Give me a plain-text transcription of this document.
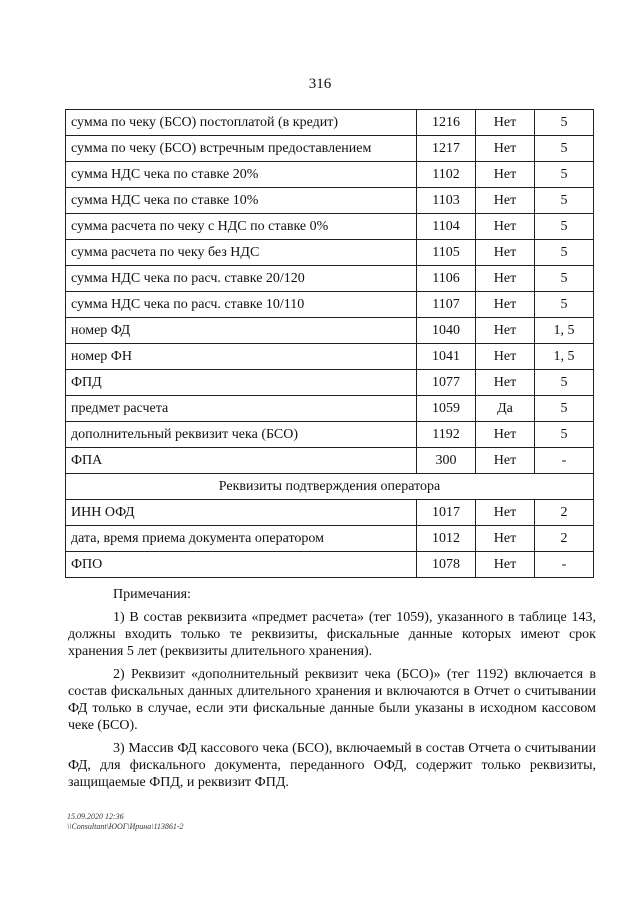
316
сумма по чеку (БСО) постоплатой (в кредит)	1216	Нет	5
сумма по чеку (БСО) встречным предоставлением	1217	Нет	5
сумма НДС чека по ставке 20%	1102	Нет	5
сумма НДС чека по ставке 10%	1103	Нет	5
сумма расчета по чеку с НДС по ставке 0%	1104	Нет	5
сумма расчета по чеку без НДС	1105	Нет	5
сумма НДС чека по расч. ставке 20/120	1106	Нет	5
сумма НДС чека по расч. ставке 10/110	1107	Нет	5
номер ФД	1040	Нет	1, 5
номер ФН	1041	Нет	1, 5
ФПД	1077	Нет	5
предмет расчета	1059	Да	5
дополнительный реквизит чека (БСО)	1192	Нет	5
ФПА	300	Нет	-
Реквизиты подтверждения оператора			
ИНН ОФД	1017	Нет	2
дата, время приема документа оператором	1012	Нет	2
ФПО	1078	Нет	-
Примечания:

1) В состав реквизита «предмет расчета» (тег 1059), указанного в таблице 143, должны входить только те реквизиты, фискальные данные которых имеют срок хранения 5 лет (реквизиты длительного хранения).

2) Реквизит «дополнительный реквизит чека (БСО)» (тег 1192) включается в состав фискальных данных длительного хранения и включаются в Отчет о считывании ФД только в случае, если эти фискальные данные были указаны в исходном кассовом чеке (БСО).

3) Массив ФД кассового чека (БСО), включаемый в состав Отчета о считывании ФД, для фискального документа, переданного ОФД, содержит только реквизиты, защищаемые ФПД, и реквизит ФПД.

15.09.2020 12:36
\\Consultant\ЮОГ\Ирина\113861-2
